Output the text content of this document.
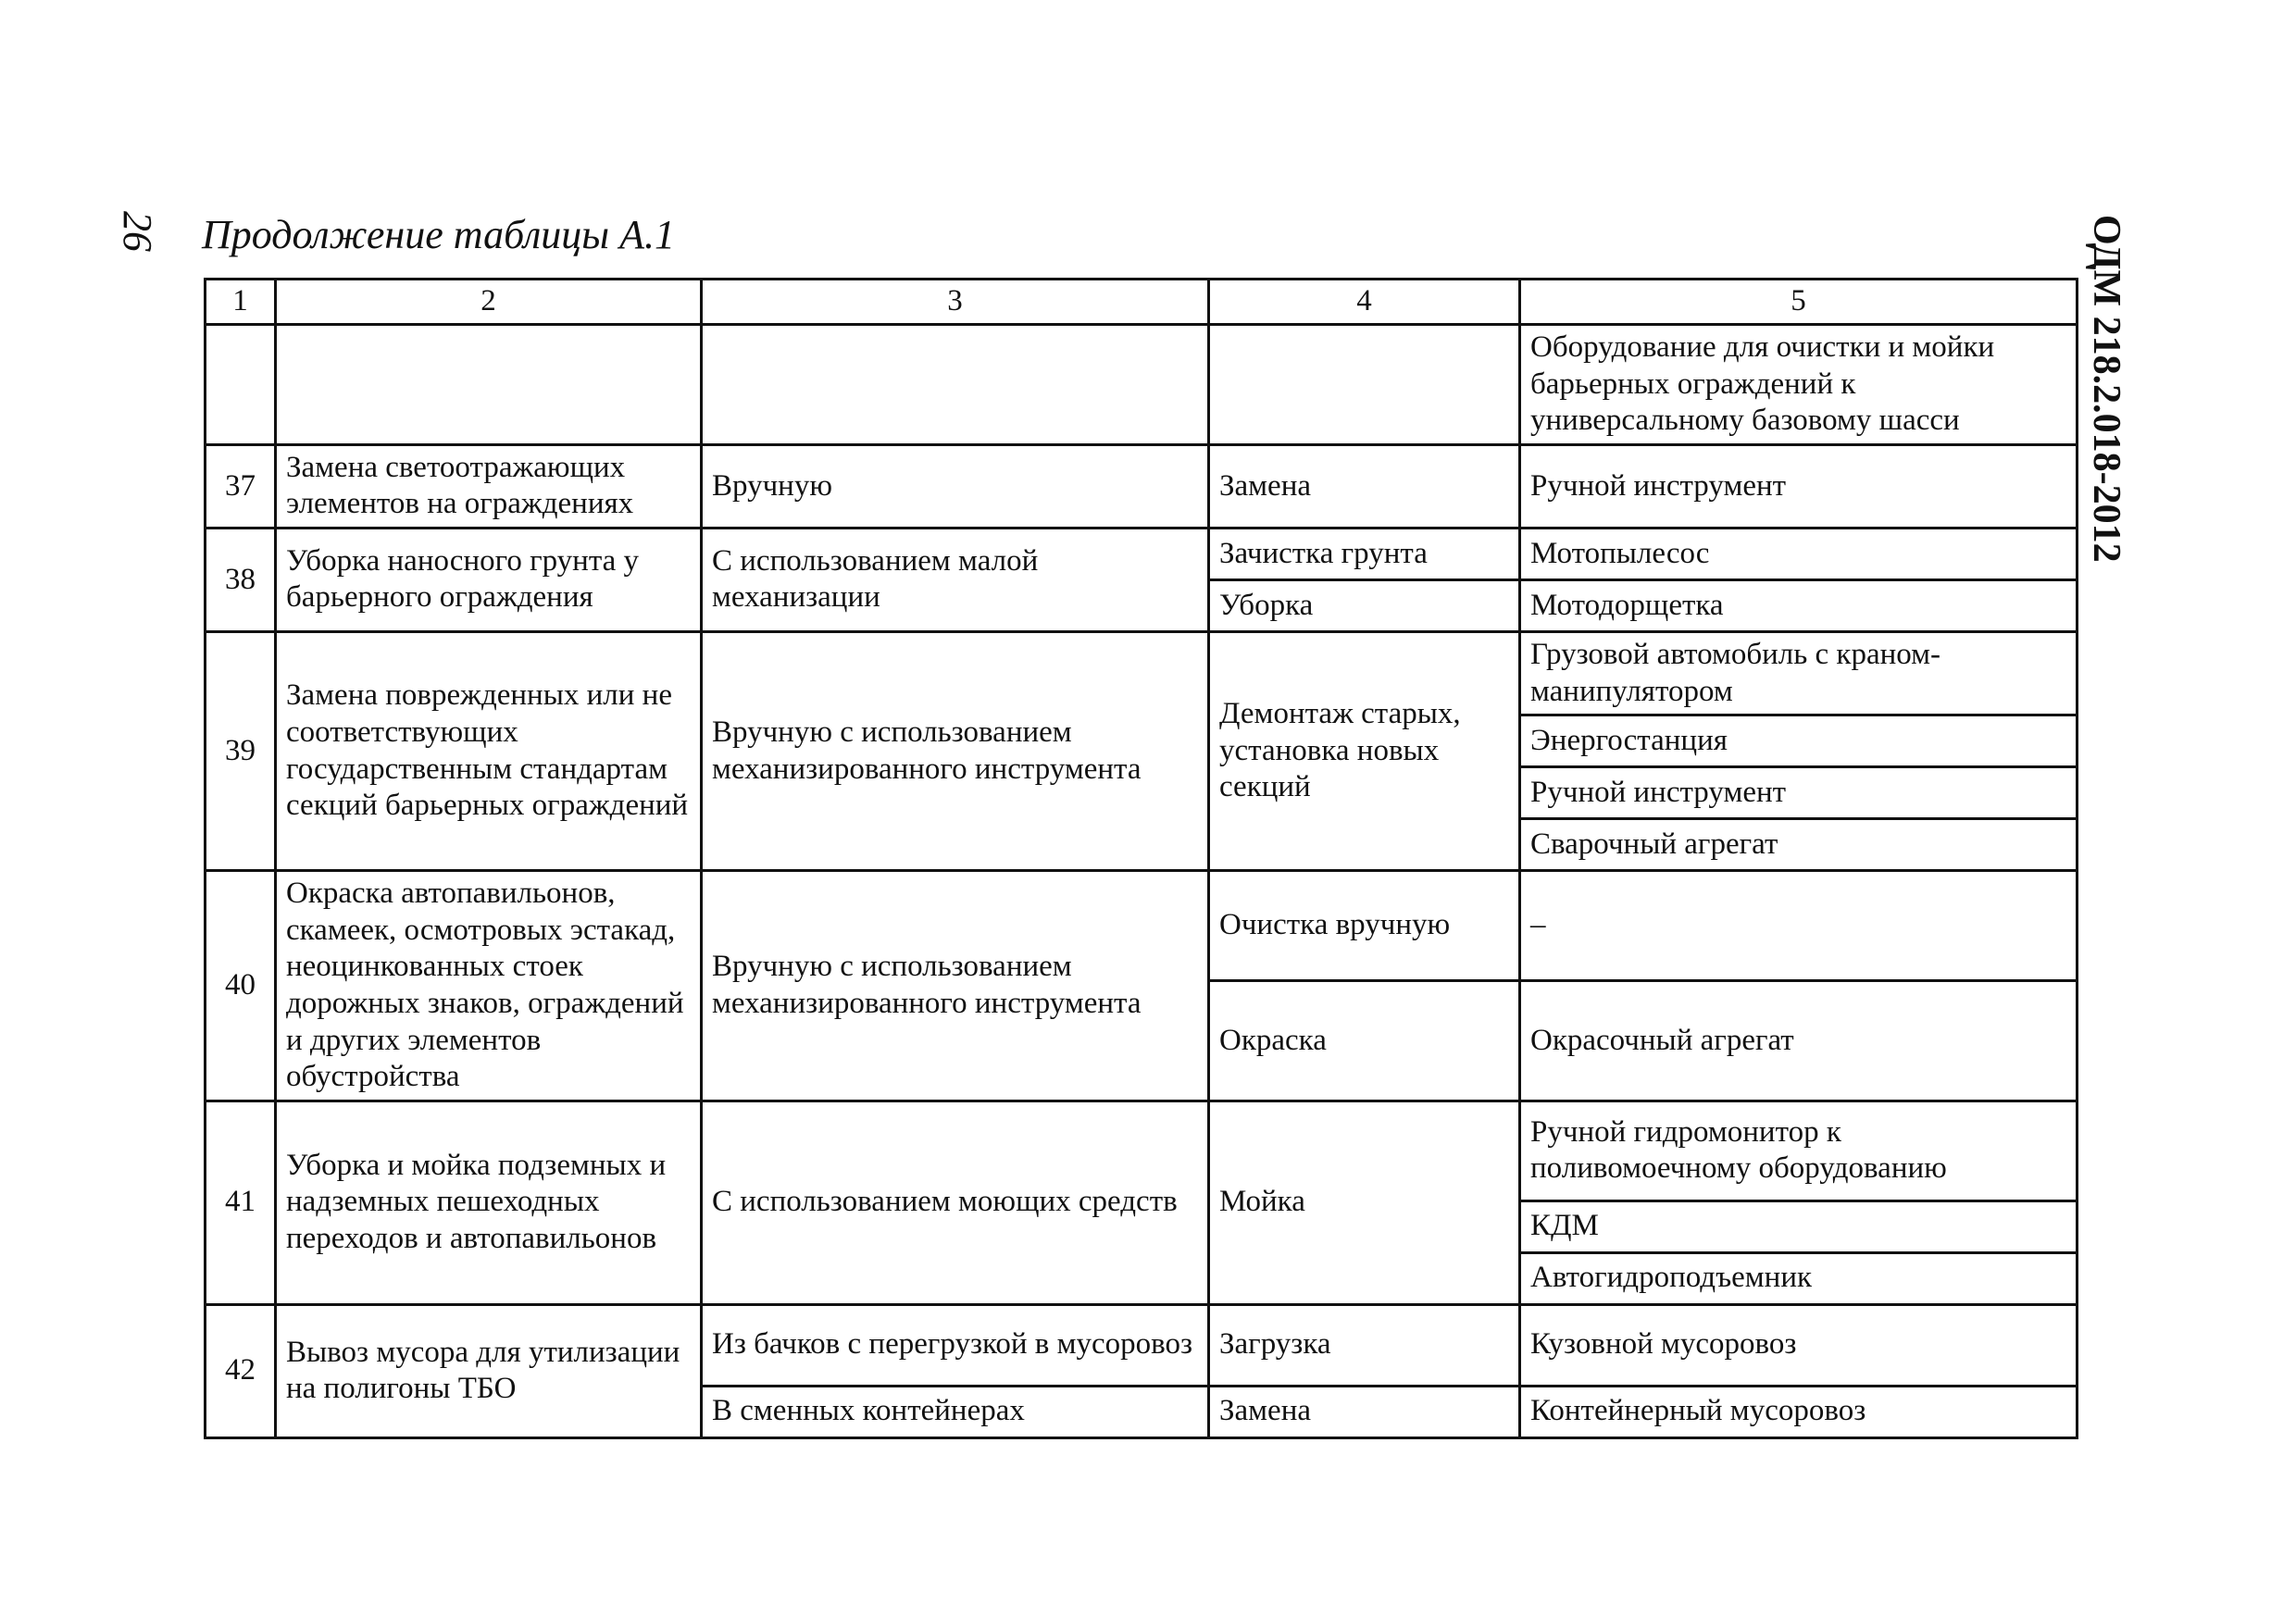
26 Продолжение таблицы А.1	ОДМ 218.2.018-2012
1	2	3	4	5
				Оборудование для очистки и мойки барьерных ограждений к универсальному базовому шасси
37	Замена светоотражающих элементов на ограждениях	Вручную	Замена	Ручной инструмент
38	Уборка наносного грунта у барьерного ограждения	С использованием малой механизации	Зачистка грунта	Мотопылесос
			Уборка	Мотодорщетка
39	Замена поврежденных или не соответствующих государственным стандартам секций барьерных ограждений	Вручную с использованием механизированного инструмента	Демонтаж старых, установка новых секций	Грузовой автомобиль с краном-манипулятором
				Энергостанция
				Ручной инструмент
				Сварочный агрегат
40	Окраска автопавильонов, скамеек, осмотровых эстакад, неоцинкованных стоек дорожных знаков, ограждений и других элементов обустройства	Вручную с использованием механизированного инструмента	Очистка вручную	–
			Окраска	Окрасочный агрегат
41	Уборка и мойка подземных и надземных пешеходных переходов и автопавильонов	С использованием моющих средств	Мойка	Ручной гидромонитор к поливомоечному оборудованию
				КДМ
				Автогидроподъемник
42	Вывоз мусора для утилизации на полигоны ТБО	Из бачков с перегрузкой в мусоровоз	Загрузка	Кузовной мусоровоз
		В сменных контейнерах	Замена	Контейнерный мусоровоз
